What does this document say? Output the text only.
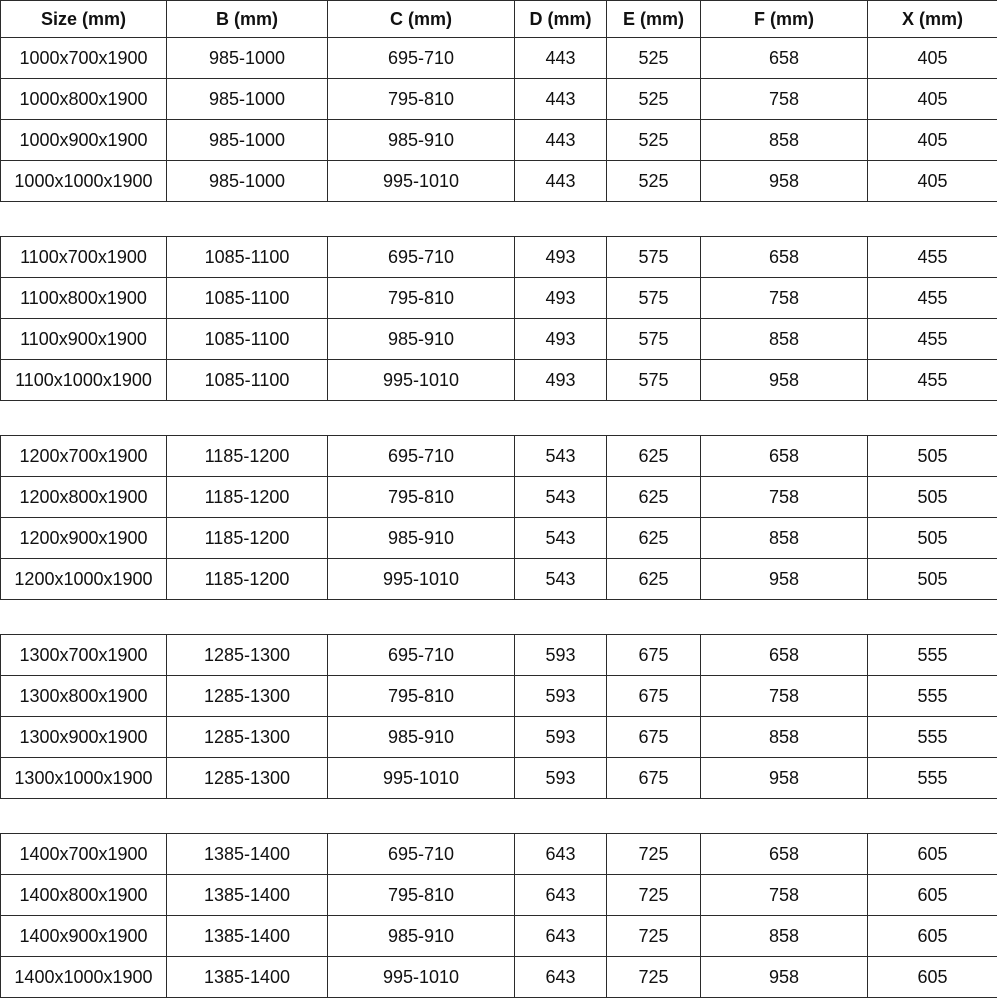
Size (mm)	B (mm)	C (mm)	D (mm)	E (mm)	F (mm)	X (mm)
1000x700x1900	985-1000	695-710	443	525	658	405
1000x800x1900	985-1000	795-810	443	525	758	405
1000x900x1900	985-1000	985-910	443	525	858	405
1000x1000x1900	985-1000	995-1010	443	525	958	405

1100x700x1900	1085-1100	695-710	493	575	658	455
1100x800x1900	1085-1100	795-810	493	575	758	455
1100x900x1900	1085-1100	985-910	493	575	858	455
1100x1000x1900	1085-1100	995-1010	493	575	958	455

1200x700x1900	1185-1200	695-710	543	625	658	505
1200x800x1900	1185-1200	795-810	543	625	758	505
1200x900x1900	1185-1200	985-910	543	625	858	505
1200x1000x1900	1185-1200	995-1010	543	625	958	505

1300x700x1900	1285-1300	695-710	593	675	658	555
1300x800x1900	1285-1300	795-810	593	675	758	555
1300x900x1900	1285-1300	985-910	593	675	858	555
1300x1000x1900	1285-1300	995-1010	593	675	958	555

1400x700x1900	1385-1400	695-710	643	725	658	605
1400x800x1900	1385-1400	795-810	643	725	758	605
1400x900x1900	1385-1400	985-910	643	725	858	605
1400x1000x1900	1385-1400	995-1010	643	725	958	605
